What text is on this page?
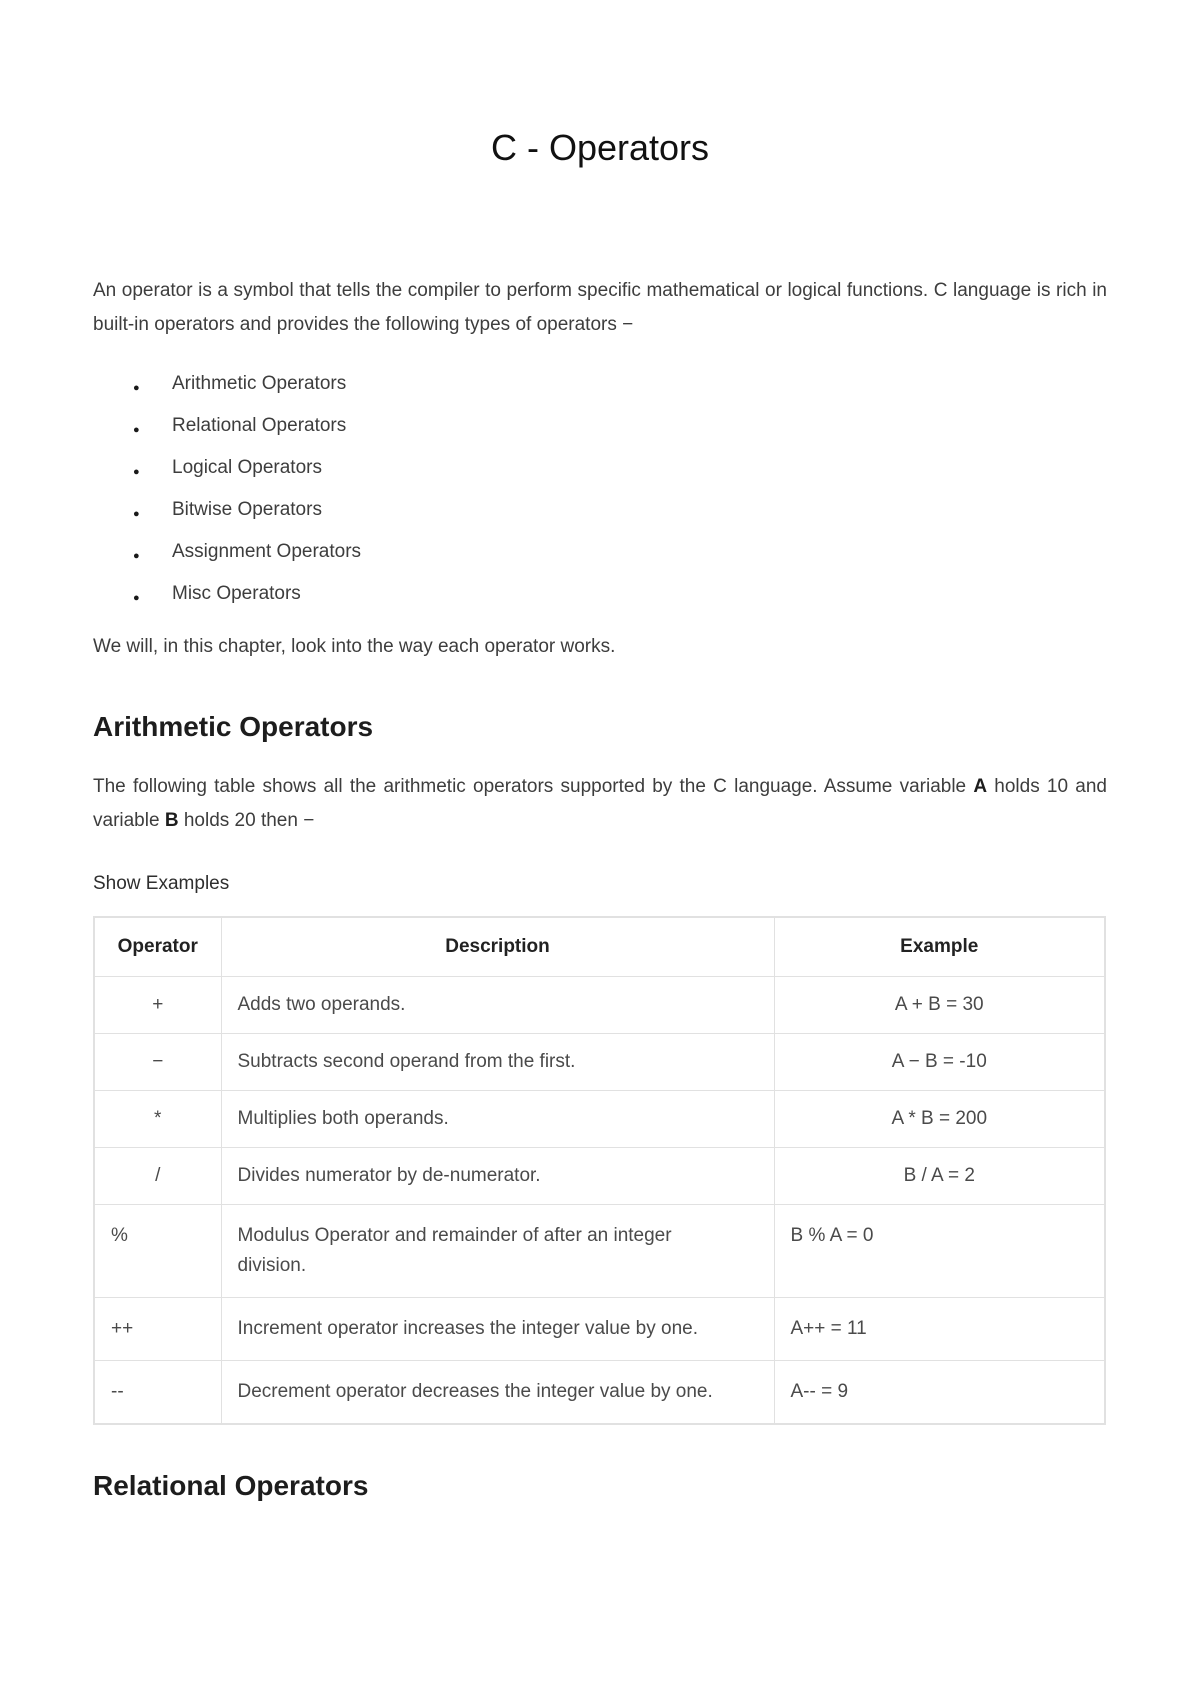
C - Operators

An operator is a symbol that tells the compiler to perform specific mathematical or logical functions. C language is rich in built-in operators and provides the following types of operators −

● Arithmetic Operators
● Relational Operators
● Logical Operators
● Bitwise Operators
● Assignment Operators
● Misc Operators

We will, in this chapter, look into the way each operator works.

Arithmetic Operators

The following table shows all the arithmetic operators supported by the C language. Assume variable A holds 10 and variable B holds 20 then −

Show Examples
Operator	Description	Example
+	Adds two operands.	A + B = 30
−	Subtracts second operand from the first.	A − B = -10
*	Multiplies both operands.	A * B = 200
/	Divides numerator by de-numerator.	B / A = 2
%	Modulus Operator and remainder of after an integer division.	B % A = 0
++	Increment operator increases the integer value by one.	A++ = 11
--	Decrement operator decreases the integer value by one.	A-- = 9
Relational Operators
